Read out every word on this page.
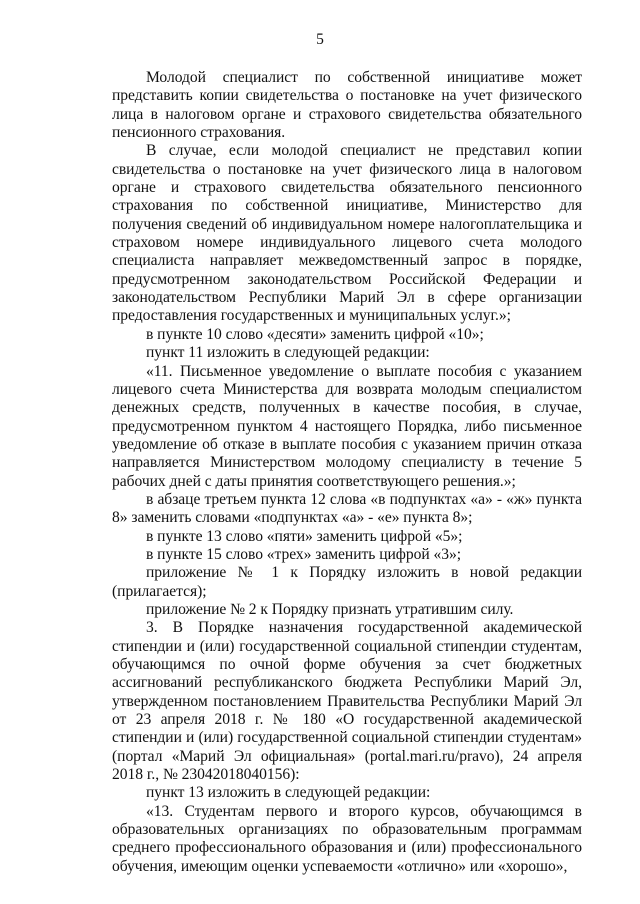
5

Молодой специалист по собственной инициативе может представить копии свидетельства о постановке на учет физического лица в налоговом органе и страхового свидетельства обязательного пенсионного страхования.

В случае, если молодой специалист не представил копии свидетельства о постановке на учет физического лица в налоговом органе и страхового свидетельства обязательного пенсионного страхования по собственной инициативе, Министерство для получения сведений об индивидуальном номере налогоплательщика и страховом номере индивидуального лицевого счета молодого специалиста направляет межведомственный запрос в порядке, предусмотренном законодательством Российской Федерации и законодательством Республики Марий Эл в сфере организации предоставления государственных и муниципальных услуг.»;

в пункте 10 слово «десяти» заменить цифрой «10»;

пункт 11 изложить в следующей редакции:

«11. Письменное уведомление о выплате пособия с указанием лицевого счета Министерства для возврата молодым специалистом денежных средств, полученных в качестве пособия, в случае, предусмотренном пунктом 4 настоящего Порядка, либо письменное уведомление об отказе в выплате пособия с указанием причин отказа направляется Министерством молодому специалисту в течение 5 рабочих дней с даты принятия соответствующего решения.»;

в абзаце третьем пункта 12 слова «в подпунктах «а» - «ж» пункта 8» заменить словами «подпунктах «а» - «е» пункта 8»;

в пункте 13 слово «пяти» заменить цифрой «5»;

в пункте 15 слово «трех» заменить цифрой «3»;

приложение № 1 к Порядку изложить в новой редакции (прилагается);

приложение № 2 к Порядку признать утратившим силу.

3. В Порядке назначения государственной академической стипендии и (или) государственной социальной стипендии студентам, обучающимся по очной форме обучения за счет бюджетных ассигнований республиканского бюджета Республики Марий Эл, утвержденном постановлением Правительства Республики Марий Эл от 23 апреля 2018 г. № 180 «О государственной академической стипендии и (или) государственной социальной стипендии студентам» (портал «Марий Эл официальная» (portal.mari.ru/pravo), 24 апреля 2018 г., № 23042018040156):

пункт 13 изложить в следующей редакции:

«13. Студентам первого и второго курсов, обучающимся в образовательных организациях по образовательным программам среднего профессионального образования и (или) профессионального обучения, имеющим оценки успеваемости «отлично» или «хорошо»,
